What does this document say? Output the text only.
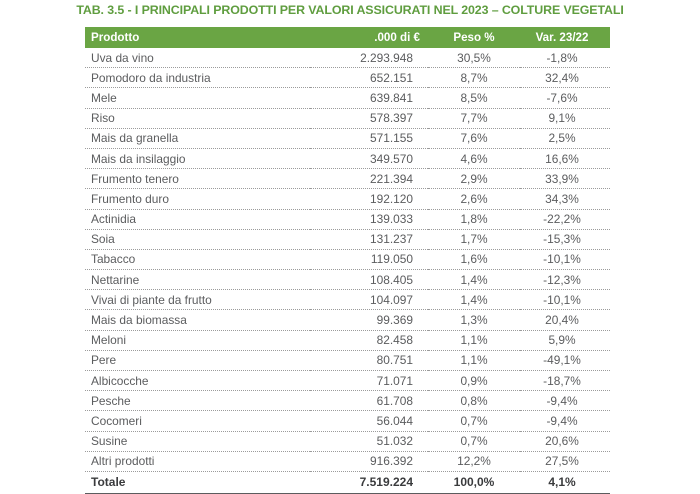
TAB. 3.5 - I PRINCIPALI PRODOTTI PER VALORI ASSICURATI NEL 2023 – COLTURE VEGETALI
Prodotto	.000 di €	Peso %	Var. 23/22
Uva da vino	2.293.948	30,5%	-1,8%
Pomodoro da industria	652.151	8,7%	32,4%
Mele	639.841	8,5%	-7,6%
Riso	578.397	7,7%	9,1%
Mais da granella	571.155	7,6%	2,5%
Mais da insilaggio	349.570	4,6%	16,6%
Frumento tenero	221.394	2,9%	33,9%
Frumento duro	192.120	2,6%	34,3%
Actinidia	139.033	1,8%	-22,2%
Soia	131.237	1,7%	-15,3%
Tabacco	119.050	1,6%	-10,1%
Nettarine	108.405	1,4%	-12,3%
Vivai di piante da frutto	104.097	1,4%	-10,1%
Mais da biomassa	99.369	1,3%	20,4%
Meloni	82.458	1,1%	5,9%
Pere	80.751	1,1%	-49,1%
Albicocche	71.071	0,9%	-18,7%
Pesche	61.708	0,8%	-9,4%
Cocomeri	56.044	0,7%	-9,4%
Susine	51.032	0,7%	20,6%
Altri prodotti	916.392	12,2%	27,5%
Totale	7.519.224	100,0%	4,1%
